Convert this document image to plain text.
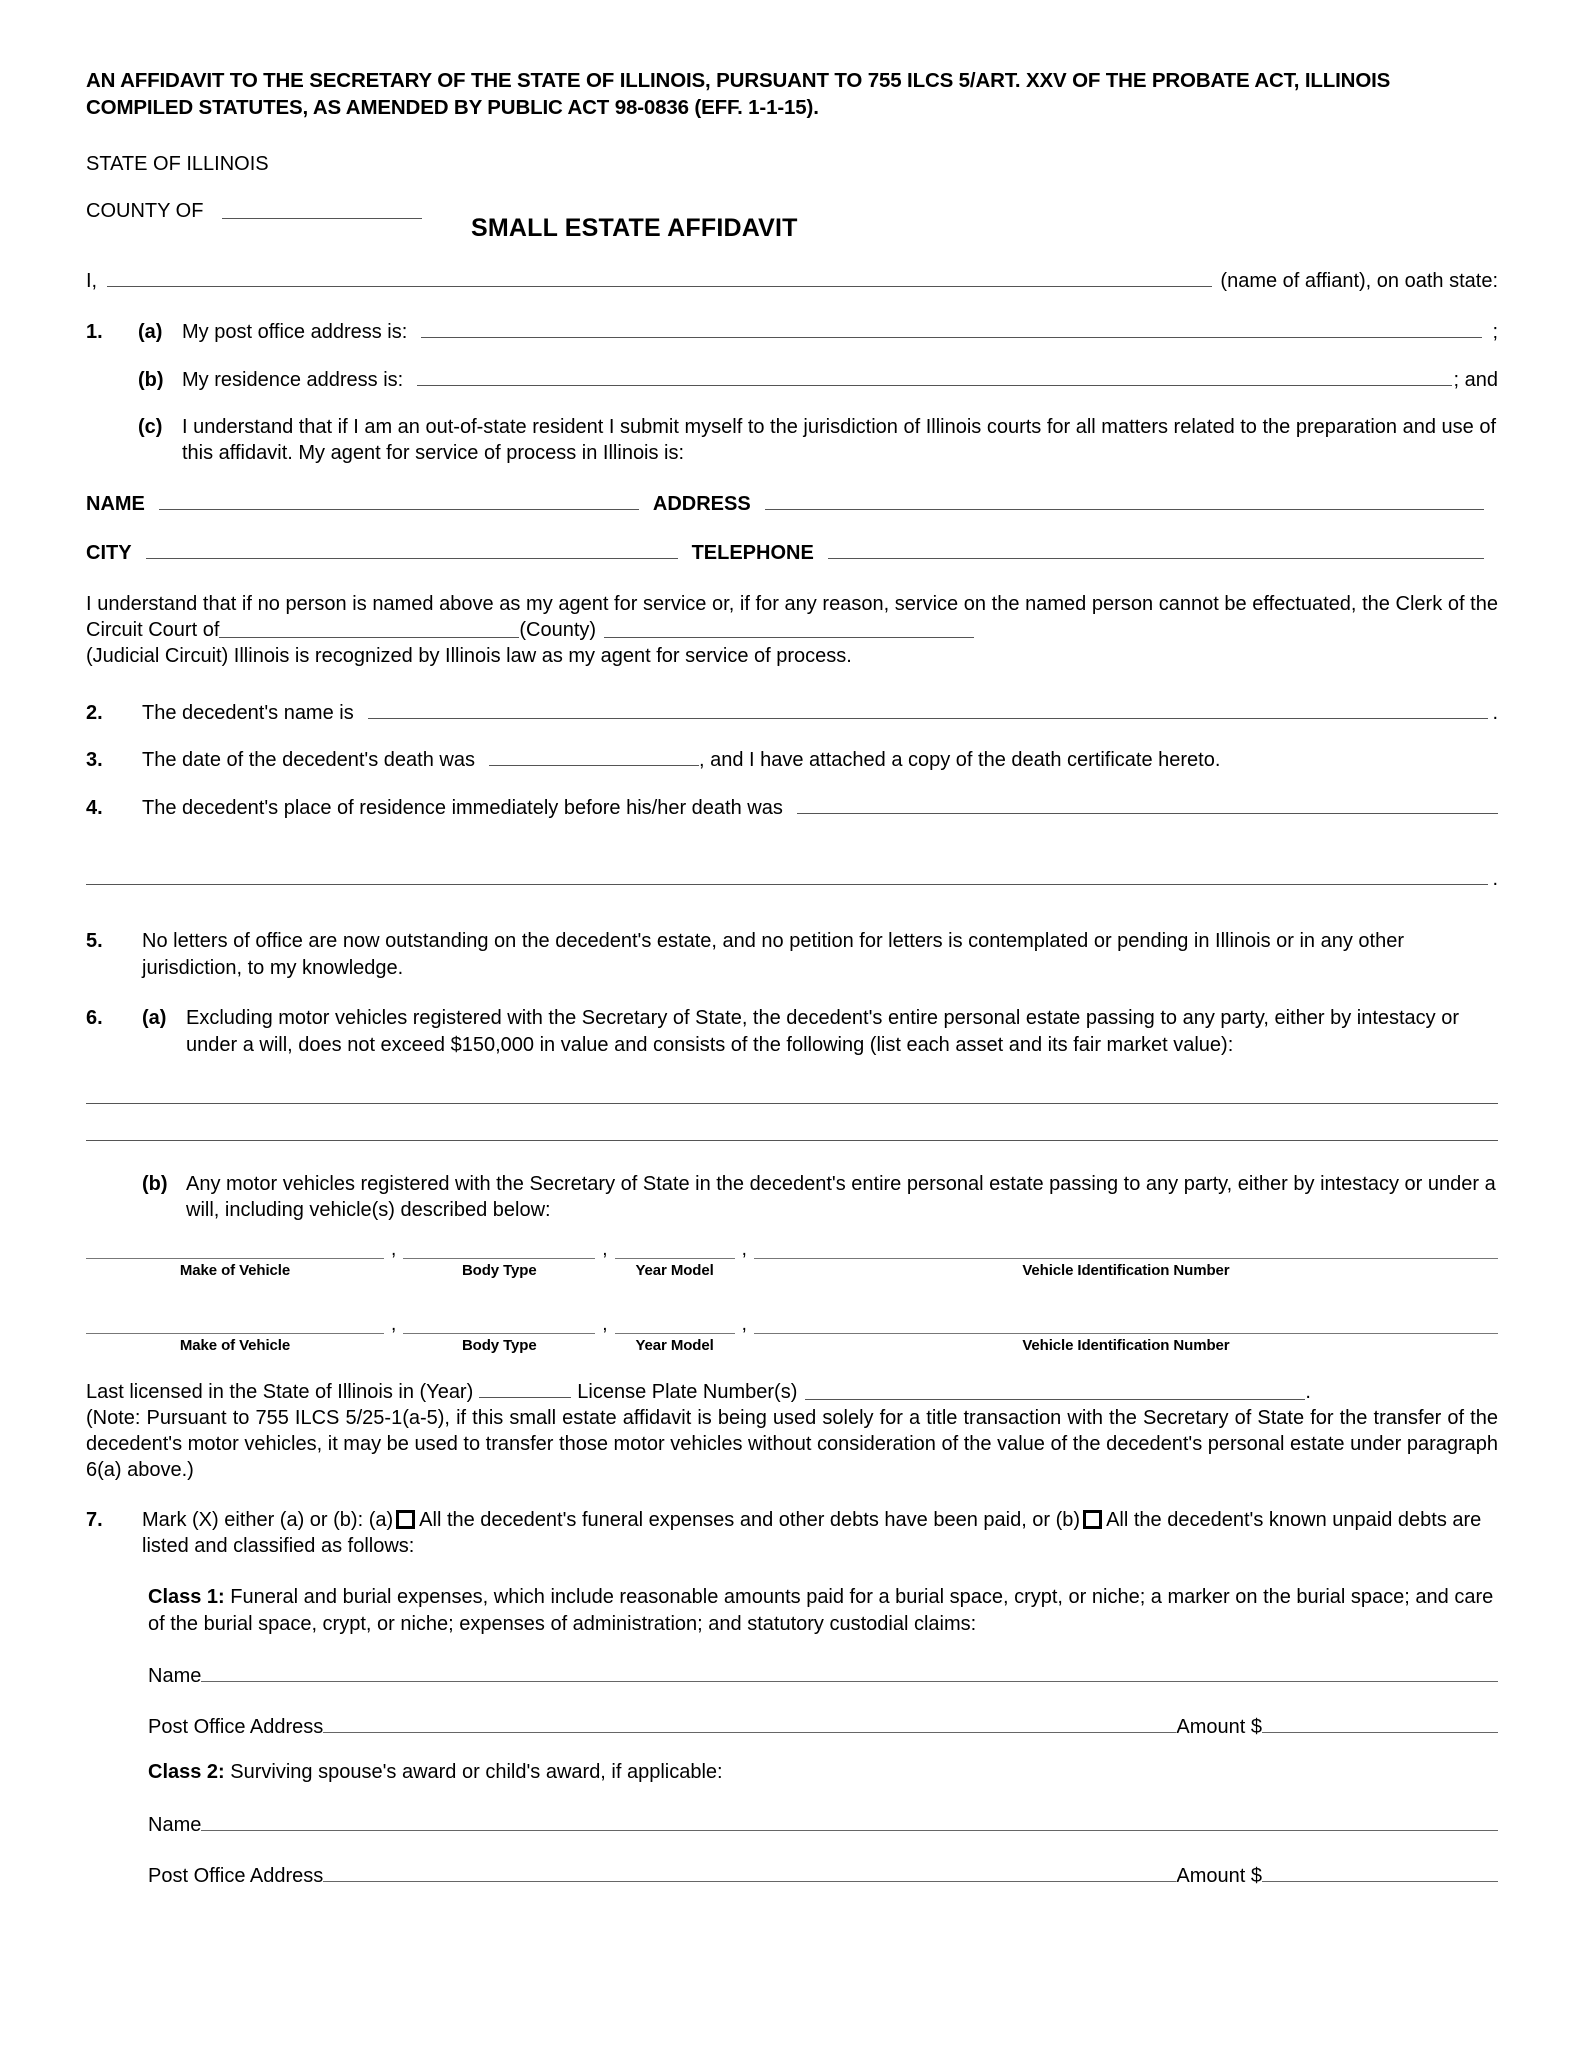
AN AFFIDAVIT TO THE SECRETARY OF THE STATE OF ILLINOIS, PURSUANT TO 755 ILCS 5/ART. XXV OF THE PROBATE ACT, ILLINOIS COMPILED STATUTES, AS AMENDED BY PUBLIC ACT 98-0836 (EFF. 1-1-15).
STATE OF ILLINOIS
COUNTY OF
SMALL ESTATE AFFIDAVIT
I,	(name of affiant), on oath state:
1.	(a) My post office address is:	;
(b) My residence address is:	; and
(c) I understand that if I am an out-of-state resident I submit myself to the jurisdiction of Illinois courts for all matters related to the preparation and use of this affidavit. My agent for service of process in Illinois is:
NAME	ADDRESS
CITY	TELEPHONE
I understand that if no person is named above as my agent for service or, if for any reason, service on the named person cannot be effectuated, the Clerk of the Circuit Court of	(County)
(Judicial Circuit) Illinois is recognized by Illinois law as my agent for service of process.
2.	The decedent's name is	.
3.	The date of the decedent's death was	, and I have attached a copy of the death certificate hereto.
4.	The decedent's place of residence immediately before his/her death was
.
5.	No letters of office are now outstanding on the decedent's estate, and no petition for letters is contemplated or pending in Illinois or in any other jurisdiction, to my knowledge.
6.	(a) Excluding motor vehicles registered with the Secretary of State, the decedent's entire personal estate passing to any party, either by intestacy or under a will, does not exceed $150,000 in value and consists of the following (list each asset and its fair market value):
(b) Any motor vehicles registered with the Secretary of State in the decedent's entire personal estate passing to any party, either by intestacy or under a will, including vehicle(s) described below:
,	,	,
Make of Vehicle	Body Type	Year Model	Vehicle Identification Number
,	,	,
Make of Vehicle	Body Type	Year Model	Vehicle Identification Number
Last licensed in the State of Illinois in (Year)	License Plate Number(s)	.
(Note: Pursuant to 755 ILCS 5/25-1(a-5), if this small estate affidavit is being used solely for a title transaction with the Secretary of State for the transfer of the decedent's motor vehicles, it may be used to transfer those motor vehicles without consideration of the value of the decedent's personal estate under paragraph 6(a) above.)
7.	Mark (X) either (a) or (b): (a) All the decedent's funeral expenses and other debts have been paid, or (b) All the decedent's known unpaid debts are listed and classified as follows:
Class 1: Funeral and burial expenses, which include reasonable amounts paid for a burial space, crypt, or niche; a marker on the burial space; and care of the burial space, crypt, or niche; expenses of administration; and statutory custodial claims:
Name
Post Office Address	Amount $
Class 2: Surviving spouse's award or child's award, if applicable:
Name
Post Office Address	Amount $
